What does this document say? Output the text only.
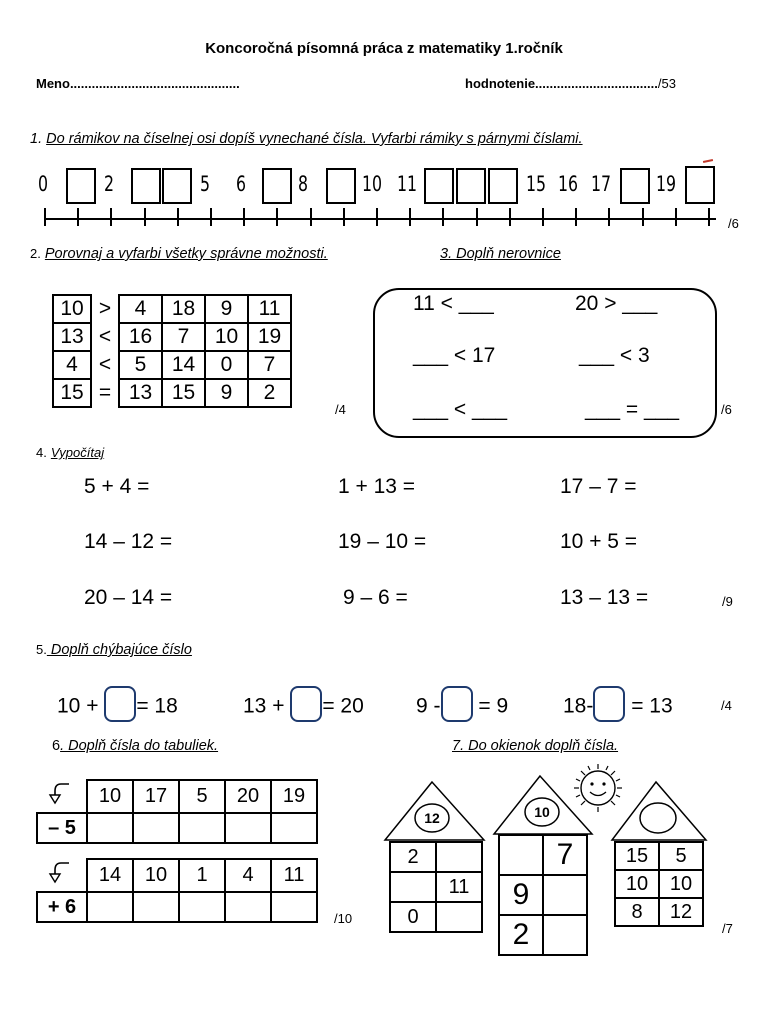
Koncoročná písomná práca z matematiky 1.ročník
Meno...............................................	hodnotenie................................../53
1. Do rámikov na číselnej osi dopíš vynechané čísla. Vyfarbi rámiky s párnymi číslami.
0	2	5 6 8	10 11	15 16 17 19
/6
2. Porovnaj a vyfarbi všetky správne možnosti.
10	>	4	18	9	11
13	<	16	7	10	19
4	<	5	14	0	7
15	=	13	15	9	2
/4
3. Doplň nerovnice
11 < ___	20 > ___
___ < 17	___ < 3
___ < ___	___ = ___	/6
4. Vypočítaj
5 + 4 =	1 + 13 =	17 – 7 =
14 – 12 =	19 – 10 =	10 + 5 =
20 – 14 =	9 – 6 =	13 – 13 =	/9
5. Doplň chýbajúce číslo
10 + = 18	13 + = 20 9 - = 9	18- = 13	/4
6. Doplň čísla do tabuliek.
	10	17	5	20	19
– 5					
	14	10	1	4	11
+ 6					
/10
7. Do okienok doplň čísla.
12	10
2	
	11
0	
	7
9	
2	
15	5
10	10
8	12
/7
